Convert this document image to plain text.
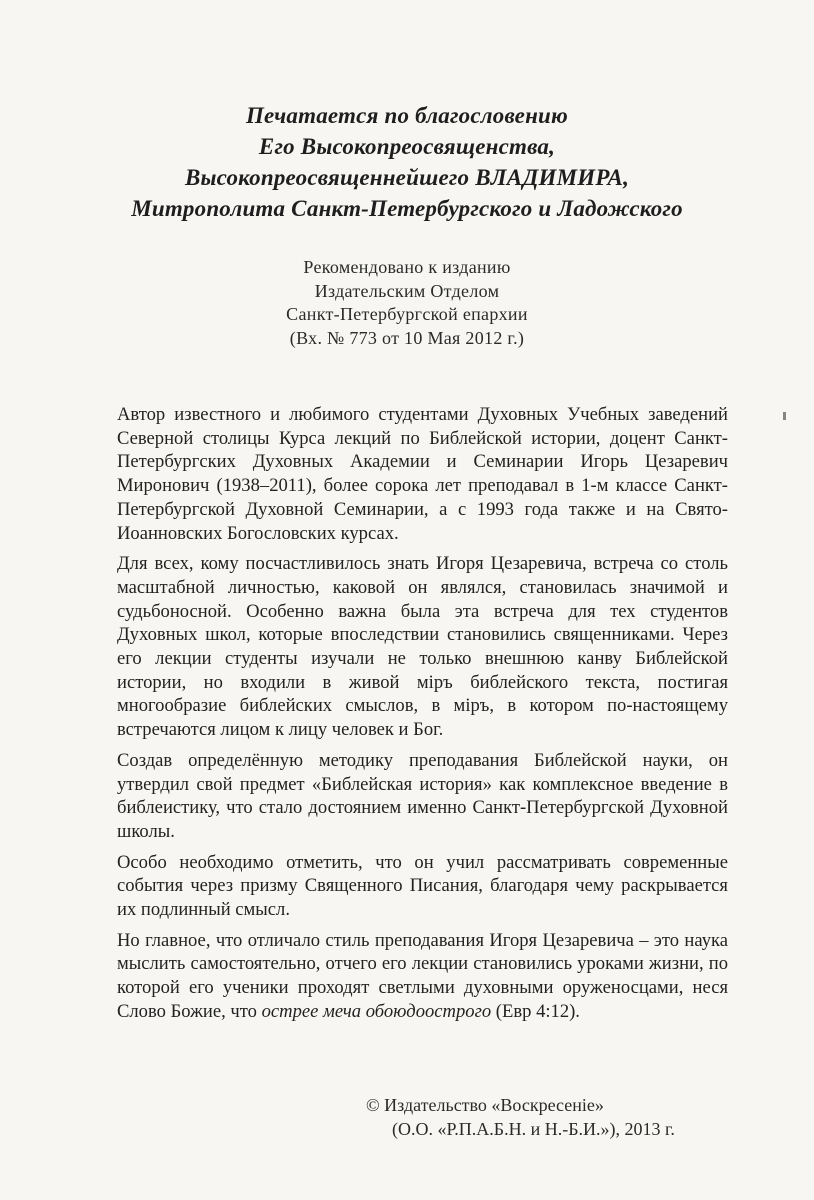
Печатается по благословению
Его Высокопреосвященства,
Высокопреосвященнейшего ВЛАДИМИРА,
Митрополита Санкт-Петербургского и Ладожского
Рекомендовано к изданию
Издательским Отделом
Санкт-Петербургской епархии
(Вх. № 773 от 10 Мая 2012 г.)

Автор известного и любимого студентами Духовных Учебных заведений Северной столицы Курса лекций по Библейской истории, доцент Санкт-Петербургских Духовных Академии и Семинарии Игорь Цезаревич Миронович (1938–2011), более сорока лет преподавал в 1-м классе Санкт-Петербургской Духовной Семинарии, а с 1993 года также и на Свято-Иоанновских Богословских курсах.

Для всех, кому посчастливилось знать Игоря Цезаревича, встреча со столь масштабной личностью, каковой он являлся, становилась значимой и судьбоносной. Особенно важна была эта встреча для тех студентов Духовных школ, которые впоследствии становились священниками. Через его лекции студенты изучали не только внешнюю канву Библейской истории, но входили в живой міръ библейского текста, постигая многообразие библейских смыслов, в міръ, в котором по-настоящему встречаются лицом к лицу человек и Бог.

Создав определённую методику преподавания Библейской науки, он утвердил свой предмет «Библейская история» как комплексное введение в библеистику, что стало достоянием именно Санкт-Петербургской Духовной школы.

Особо необходимо отметить, что он учил рассматривать современные события через призму Священного Писания, благодаря чему раскрывается их подлинный смысл.

Но главное, что отличало стиль преподавания Игоря Цезаревича – это наука мыслить самостоятельно, отчего его лекции становились уроками жизни, по которой его ученики проходят светлыми духовными оруженосцами, неся Слово Божие, что острее меча обоюдоострого (Евр 4:12).

© Издательство «Воскресеніе»
(О.О. «Р.П.А.Б.Н. и Н.-Б.И.»), 2013 г.
